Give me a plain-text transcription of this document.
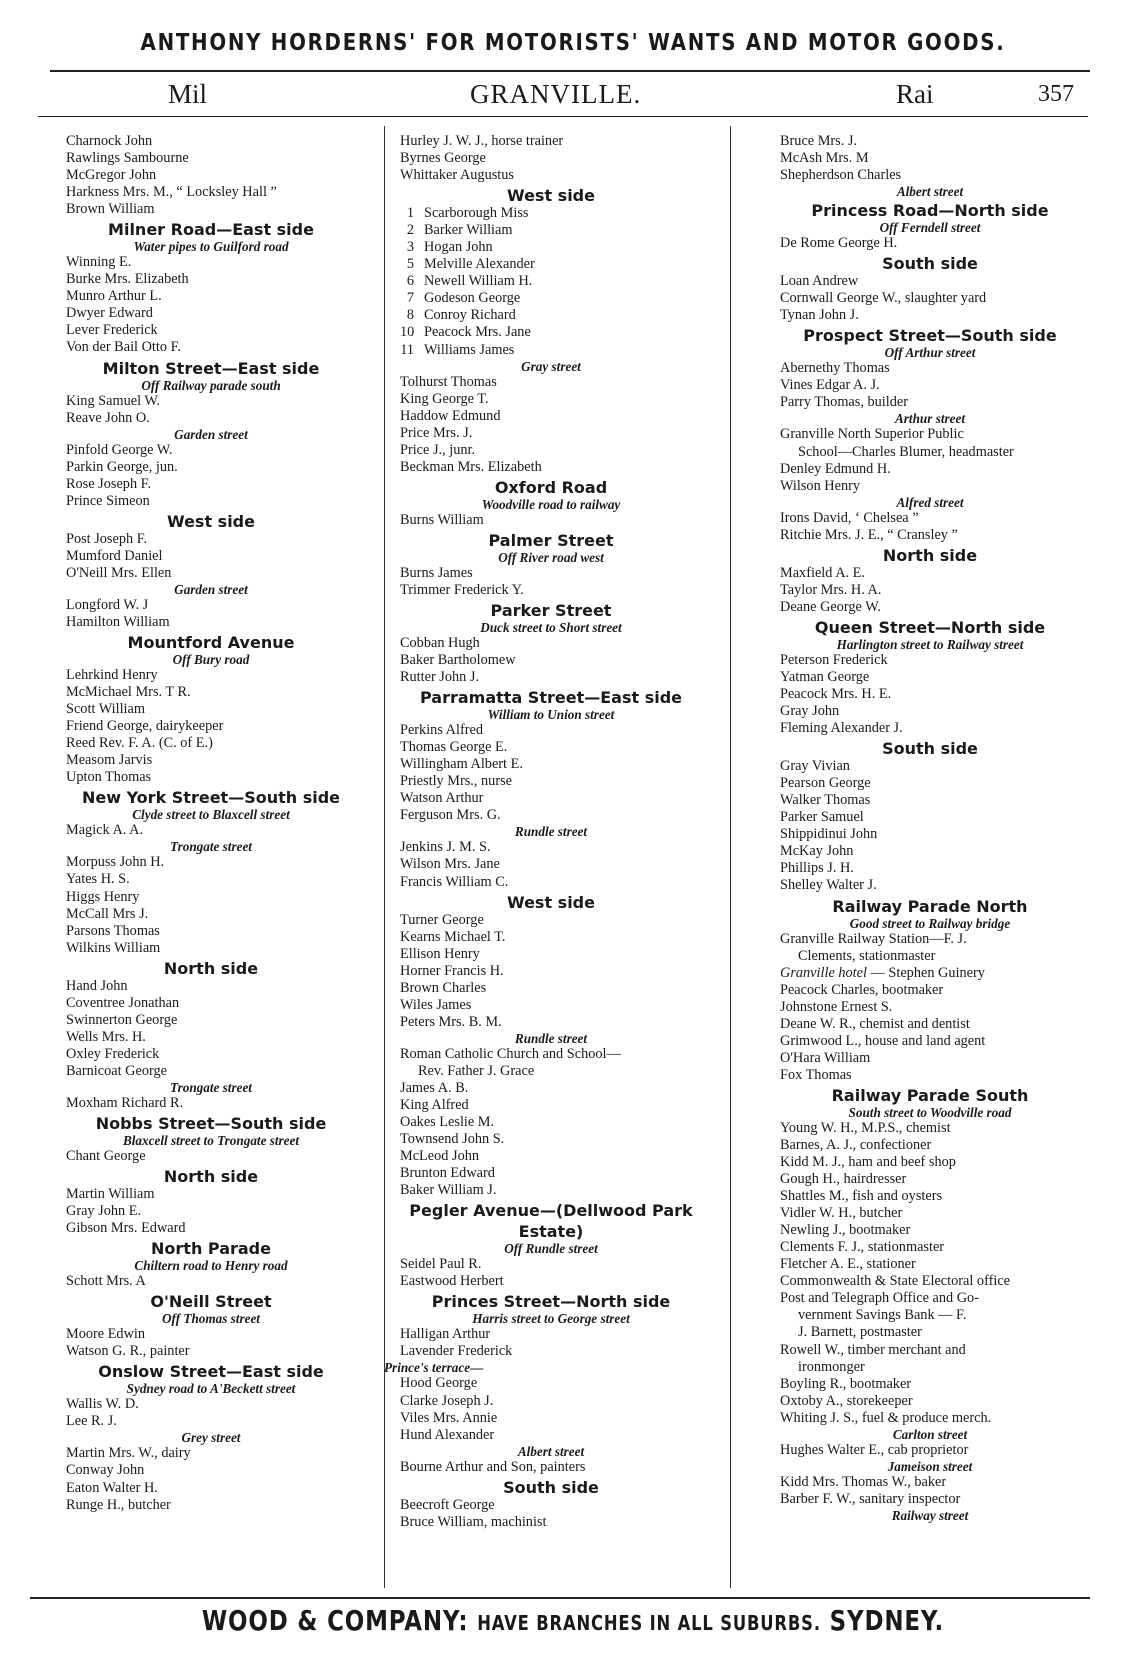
ANTHONY HORDERNS' FOR MOTORISTS' WANTS AND MOTOR GOODS.
Mil	GRANVILLE.	Rai	357
Charnock John
Rawlings Sambourne
McGregor John
Harkness Mrs. M., “ Locksley Hall ”
Brown William
Milner Road—East side
Water pipes to Guilford road
Winning E.
Burke Mrs. Elizabeth
Munro Arthur L.
Dwyer Edward
Lever Frederick
Von der Bail Otto F.
Milton Street—East side
Off Railway parade south
King Samuel W.
Reave John O.
Garden street
Pinfold George W.
Parkin George, jun.
Rose Joseph F.
Prince Simeon
West side
Post Joseph F.
Mumford Daniel
O'Neill Mrs. Ellen
Garden street
Longford W. J
Hamilton William
Mountford Avenue
Off Bury road
Lehrkind Henry
McMichael Mrs. T R.
Scott William
Friend George, dairykeeper
Reed Rev. F. A. (C. of E.)
Measom Jarvis
Upton Thomas
New York Street—South side
Clyde street to Blaxcell street
Magick A. A.
Trongate street
Morpuss John H.
Yates H. S.
Higgs Henry
McCall Mrs J.
Parsons Thomas
Wilkins William
North side
Hand John
Coventree Jonathan
Swinnerton George
Wells Mrs. H.
Oxley Frederick
Barnicoat George
Trongate street
Moxham Richard R.
Nobbs Street—South side
Blaxcell street to Trongate street
Chant George
North side
Martin William
Gray John E.
Gibson Mrs. Edward
North Parade
Chiltern road to Henry road
Schott Mrs. A
O'Neill Street
Off Thomas street
Moore Edwin
Watson G. R., painter
Onslow Street—East side
Sydney road to A'Beckett street
Wallis W. D.
Lee R. J.
Grey street
Martin Mrs. W., dairy
Conway John
Eaton Walter H.
Runge H., butcher
Hurley J. W. J., horse trainer
Byrnes George
Whittaker Augustus
West side
1 Scarborough Miss
2 Barker William
3 Hogan John
5 Melville Alexander
6 Newell William H.
7 Godeson George
8 Conroy Richard
10 Peacock Mrs. Jane
11 Williams James
Gray street
Tolhurst Thomas
King George T.
Haddow Edmund
Price Mrs. J.
Price J., junr.
Beckman Mrs. Elizabeth
Oxford Road
Woodville road to railway
Burns William
Palmer Street
Off River road west
Burns James
Trimmer Frederick Y.
Parker Street
Duck street to Short street
Cobban Hugh
Baker Bartholomew
Rutter John J.
Parramatta Street—East side
William to Union street
Perkins Alfred
Thomas George E.
Willingham Albert E.
Priestly Mrs., nurse
Watson Arthur
Ferguson Mrs. G.
Rundle street
Jenkins J. M. S.
Wilson Mrs. Jane
Francis William C.
West side
Turner George
Kearns Michael T.
Ellison Henry
Horner Francis H.
Brown Charles
Wiles James
Peters Mrs. B. M.
Rundle street
Roman Catholic Church and School—
Rev. Father J. Grace
James A. B.
King Alfred
Oakes Leslie M.
Townsend John S.
McLeod John
Brunton Edward
Baker William J.
Pegler Avenue—(Dellwood Park
Estate)
Off Rundle street
Seidel Paul R.
Eastwood Herbert
Princes Street—North side
Harris street to George street
Halligan Arthur
Lavender Frederick
Prince's terrace—
Hood George
Clarke Joseph J.
Viles Mrs. Annie
Hund Alexander
Albert street
Bourne Arthur and Son, painters
South side
Beecroft George
Bruce William, machinist
Bruce Mrs. J.
McAsh Mrs. M
Shepherdson Charles
Albert street
Princess Road—North side
Off Ferndell street
De Rome George H.
South side
Loan Andrew
Cornwall George W., slaughter yard
Tynan John J.
Prospect Street—South side
Off Arthur street
Abernethy Thomas
Vines Edgar A. J.
Parry Thomas, builder
Arthur street
Granville North Superior Public
School—Charles Blumer, headmaster
Denley Edmund H.
Wilson Henry
Alfred street
Irons David, ‘ Chelsea ”
Ritchie Mrs. J. E., “ Cransley ”
North side
Maxfield A. E.
Taylor Mrs. H. A.
Deane George W.
Queen Street—North side
Harlington street to Railway street
Peterson Frederick
Yatman George
Peacock Mrs. H. E.
Gray John
Fleming Alexander J.
South side
Gray Vivian
Pearson George
Walker Thomas
Parker Samuel
Shippidinui John
McKay John
Phillips J. H.
Shelley Walter J.
Railway Parade North
Good street to Railway bridge
Granville Railway Station—F. J.
Clements, stationmaster
Granville hotel — Stephen Guinery
Peacock Charles, bootmaker
Johnstone Ernest S.
Deane W. R., chemist and dentist
Grimwood L., house and land agent
O'Hara William
Fox Thomas
Railway Parade South
South street to Woodville road
Young W. H., M.P.S., chemist
Barnes, A. J., confectioner
Kidd M. J., ham and beef shop
Gough H., hairdresser
Shattles M., fish and oysters
Vidler W. H., butcher
Newling J., bootmaker
Clements F. J., stationmaster
Fletcher A. E., stationer
Commonwealth & State Electoral office
Post and Telegraph Office and Go-
vernment Savings Bank — F.
J. Barnett, postmaster
Rowell W., timber merchant and
ironmonger
Boyling R., bootmaker
Oxtoby A., storekeeper
Whiting J. S., fuel & produce merch.
Carlton street
Hughes Walter E., cab proprietor
Jameison street
Kidd Mrs. Thomas W., baker
Barber F. W., sanitary inspector
Railway street
WOOD & COMPANY: HAVE BRANCHES IN ALL SUBURBS. SYDNEY.
